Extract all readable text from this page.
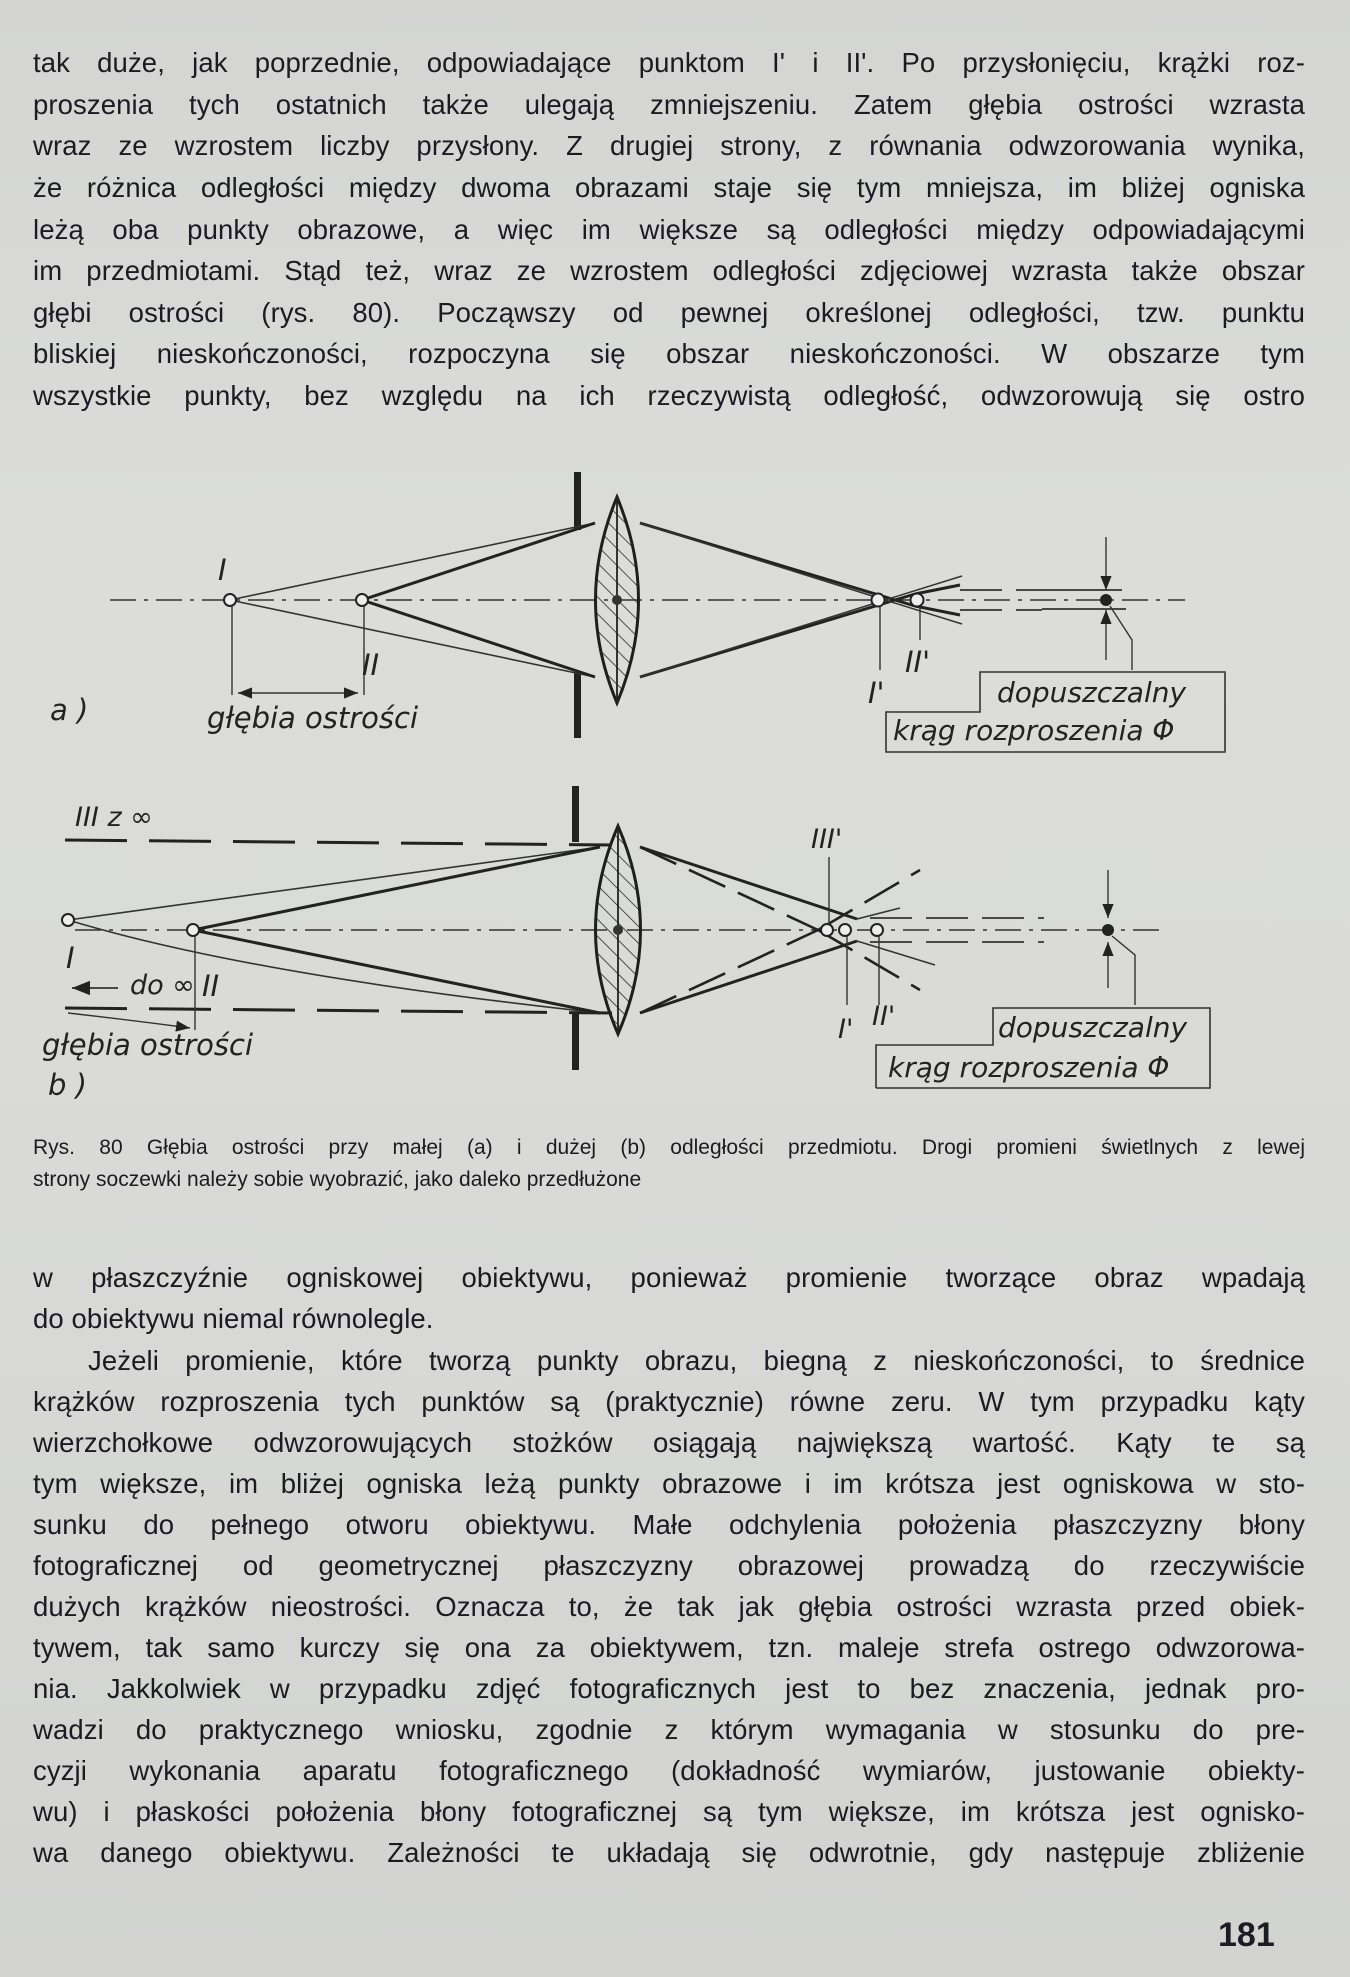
tak duże, jak poprzednie, odpowiadające punktom I' i II'. Po przysłonięciu, krążki roz-
proszenia tych ostatnich także ulegają zmniejszeniu. Zatem głębia ostrości wzrasta
wraz ze wzrostem liczby przysłony. Z drugiej strony, z równania odwzorowania wynika,
że różnica odległości między dwoma obrazami staje się tym mniejsza, im bliżej ogniska
leżą oba punkty obrazowe, a więc im większe są odległości między odpowiadającymi
im przedmiotami. Stąd też, wraz ze wzrostem odległości zdjęciowej wzrasta także obszar
głębi ostrości (rys. 80). Począwszy od pewnej określonej odległości, tzw. punktu
bliskiej nieskończoności, rozpoczyna się obszar nieskończoności. W obszarze tym
wszystkie punkty, bez względu na ich rzeczywistą odległość, odwzorowują się ostro
I
II
I'
II'
a )	głębia ostrości
dopuszczalny
krąg rozproszenia Φ
III z ∞
I
do ∞ II
głębia ostrości
b )
III'
I' II'	dopuszczalny
krąg rozproszenia Φ
Rys. 80 Głębia ostrości przy małej (a) i dużej (b) odległości przedmiotu. Drogi promieni świetlnych z lewej
strony soczewki należy sobie wyobrazić, jako daleko przedłużone
w płaszczyźnie ogniskowej obiektywu, ponieważ promienie tworzące obraz wpadają
do obiektywu niemal równolegle.
Jeżeli promienie, które tworzą punkty obrazu, biegną z nieskończoności, to średnice
krążków rozproszenia tych punktów są (praktycznie) równe zeru. W tym przypadku kąty
wierzchołkowe odwzorowujących stożków osiągają największą wartość. Kąty te są
tym większe, im bliżej ogniska leżą punkty obrazowe i im krótsza jest ogniskowa w sto-
sunku do pełnego otworu obiektywu. Małe odchylenia położenia płaszczyzny błony
fotograficznej od geometrycznej płaszczyzny obrazowej prowadzą do rzeczywiście
dużych krążków nieostrości. Oznacza to, że tak jak głębia ostrości wzrasta przed obiek-
tywem, tak samo kurczy się ona za obiektywem, tzn. maleje strefa ostrego odwzorowa-
nia. Jakkolwiek w przypadku zdjęć fotograficznych jest to bez znaczenia, jednak pro-
wadzi do praktycznego wniosku, zgodnie z którym wymagania w stosunku do pre-
cyzji wykonania aparatu fotograficznego (dokładność wymiarów, justowanie obiekty-
wu) i płaskości położenia błony fotograficznej są tym większe, im krótsza jest ognisko-
wa danego obiektywu. Zależności te układają się odwrotnie, gdy następuje zbliżenie
181
